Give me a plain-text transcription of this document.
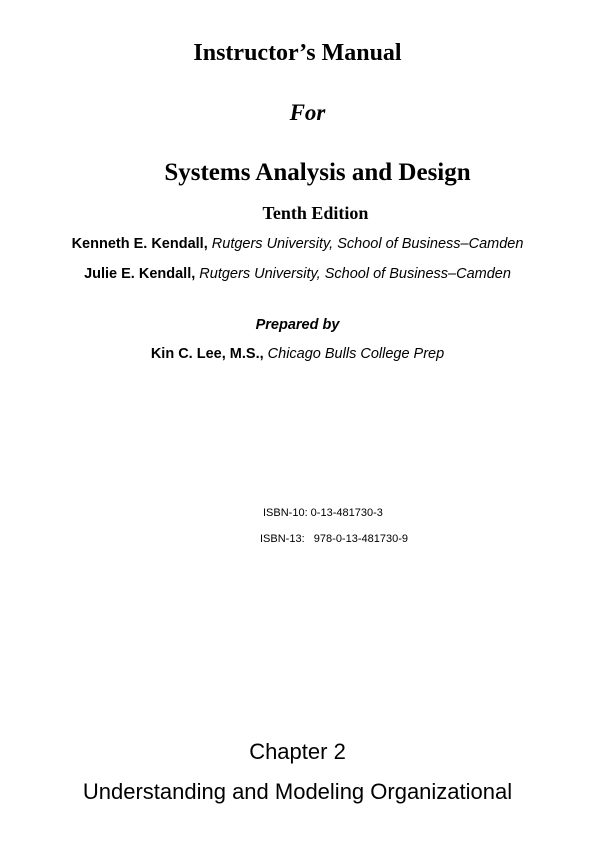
Instructor’s Manual
For
Systems Analysis and Design
Tenth Edition
Kenneth E. Kendall, Rutgers University, School of Business–Camden
Julie E. Kendall, Rutgers University, School of Business–Camden
Prepared by
Kin C. Lee, M.S., Chicago Bulls College Prep
ISBN-10: 0-13-481730-3
ISBN-13:   978-0-13-481730-9
Chapter 2
Understanding and Modeling Organizational
